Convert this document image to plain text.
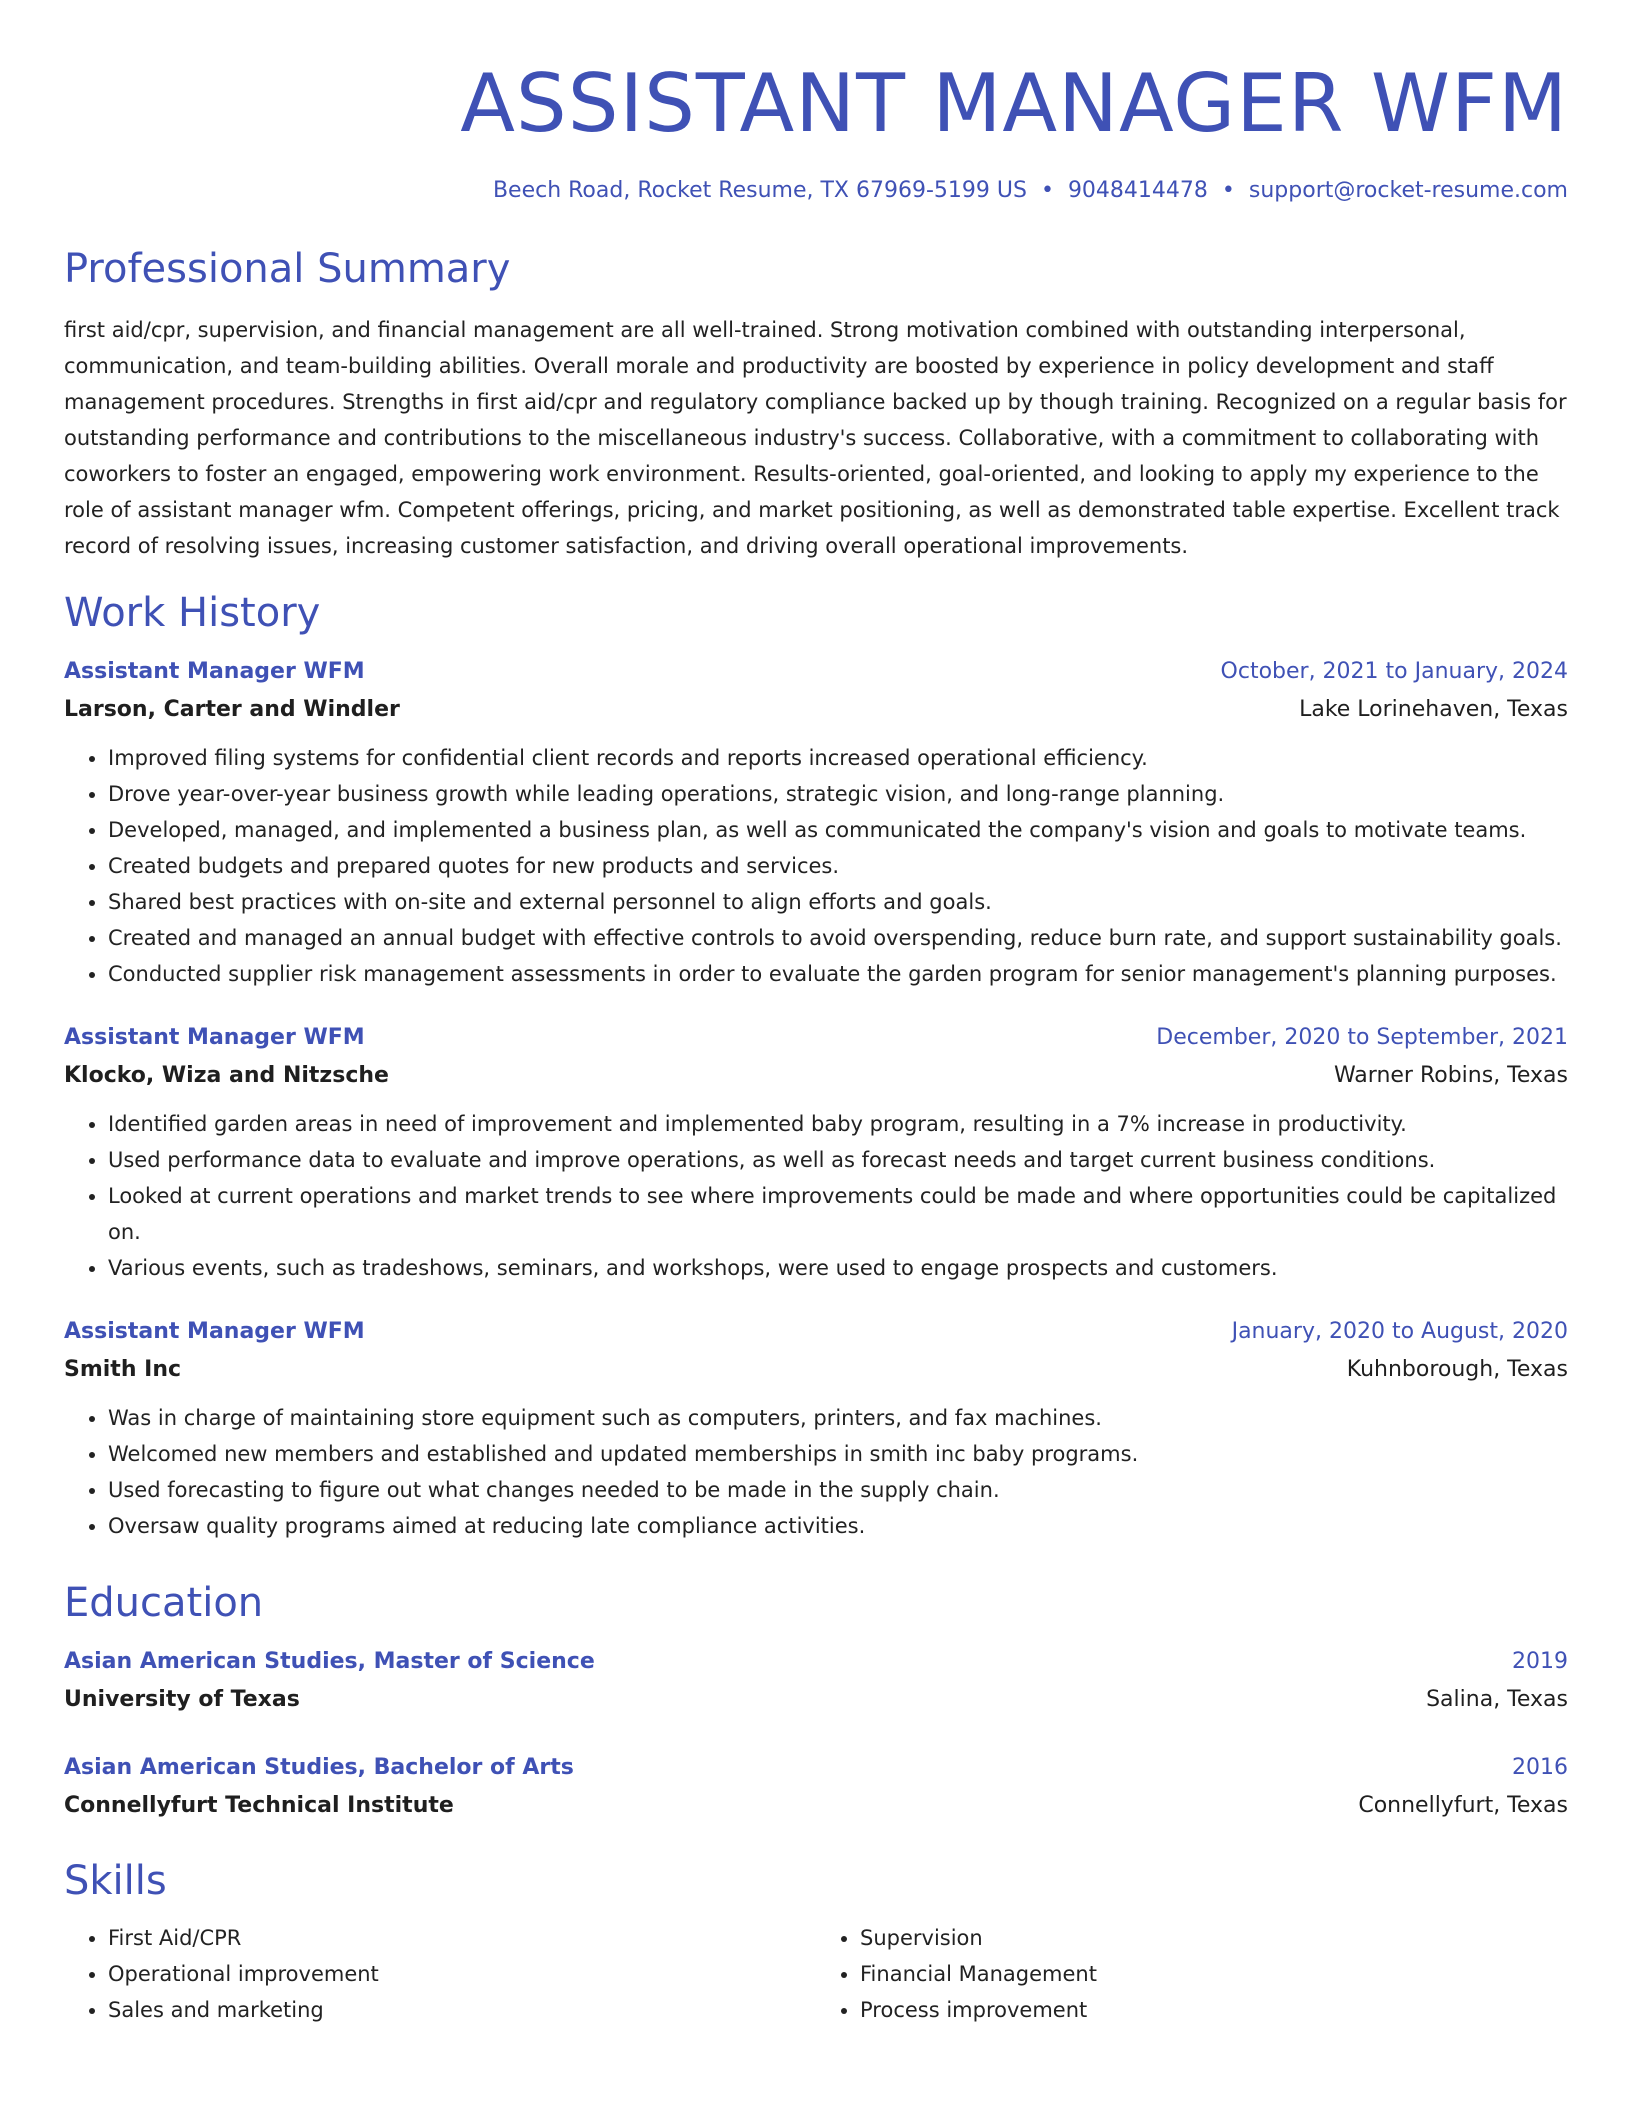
ASSISTANT MANAGER WFM
Beech Road, Rocket Resume, TX 67969-5199 US • 9048414478 • support@rocket-resume.com
Professional Summary
first aid/cpr, supervision, and financial management are all well-trained. Strong motivation combined with outstanding interpersonal, communication, and team-building abilities. Overall morale and productivity are boosted by experience in policy development and staff management procedures. Strengths in first aid/cpr and regulatory compliance backed up by though training. Recognized on a regular basis for outstanding performance and contributions to the miscellaneous industry's success. Collaborative, with a commitment to collaborating with coworkers to foster an engaged, empowering work environment. Results-oriented, goal-oriented, and looking to apply my experience to the role of assistant manager wfm. Competent offerings, pricing, and market positioning, as well as demonstrated table expertise. Excellent track record of resolving issues, increasing customer satisfaction, and driving overall operational improvements.
Work History
Assistant Manager WFM	October, 2021 to January, 2024
Larson, Carter and Windler	Lake Lorinehaven, Texas
• Improved filing systems for confidential client records and reports increased operational efficiency.
• Drove year-over-year business growth while leading operations, strategic vision, and long-range planning.
• Developed, managed, and implemented a business plan, as well as communicated the company's vision and goals to motivate teams.
• Created budgets and prepared quotes for new products and services.
• Shared best practices with on-site and external personnel to align efforts and goals.
• Created and managed an annual budget with effective controls to avoid overspending, reduce burn rate, and support sustainability goals.
• Conducted supplier risk management assessments in order to evaluate the garden program for senior management's planning purposes.
Assistant Manager WFM	December, 2020 to September, 2021
Klocko, Wiza and Nitzsche	Warner Robins, Texas
• Identified garden areas in need of improvement and implemented baby program, resulting in a 7% increase in productivity.
• Used performance data to evaluate and improve operations, as well as forecast needs and target current business conditions.
• Looked at current operations and market trends to see where improvements could be made and where opportunities could be capitalized on.
• Various events, such as tradeshows, seminars, and workshops, were used to engage prospects and customers.
Assistant Manager WFM	January, 2020 to August, 2020
Smith Inc	Kuhnborough, Texas
• Was in charge of maintaining store equipment such as computers, printers, and fax machines.
• Welcomed new members and established and updated memberships in smith inc baby programs.
• Used forecasting to figure out what changes needed to be made in the supply chain.
• Oversaw quality programs aimed at reducing late compliance activities.
Education
Asian American Studies, Master of Science	2019
University of Texas	Salina, Texas
Asian American Studies, Bachelor of Arts	2016
Connellyfurt Technical Institute	Connellyfurt, Texas
Skills
• First Aid/CPR
• Operational improvement
• Sales and marketing
• Supervision
• Financial Management
• Process improvement
